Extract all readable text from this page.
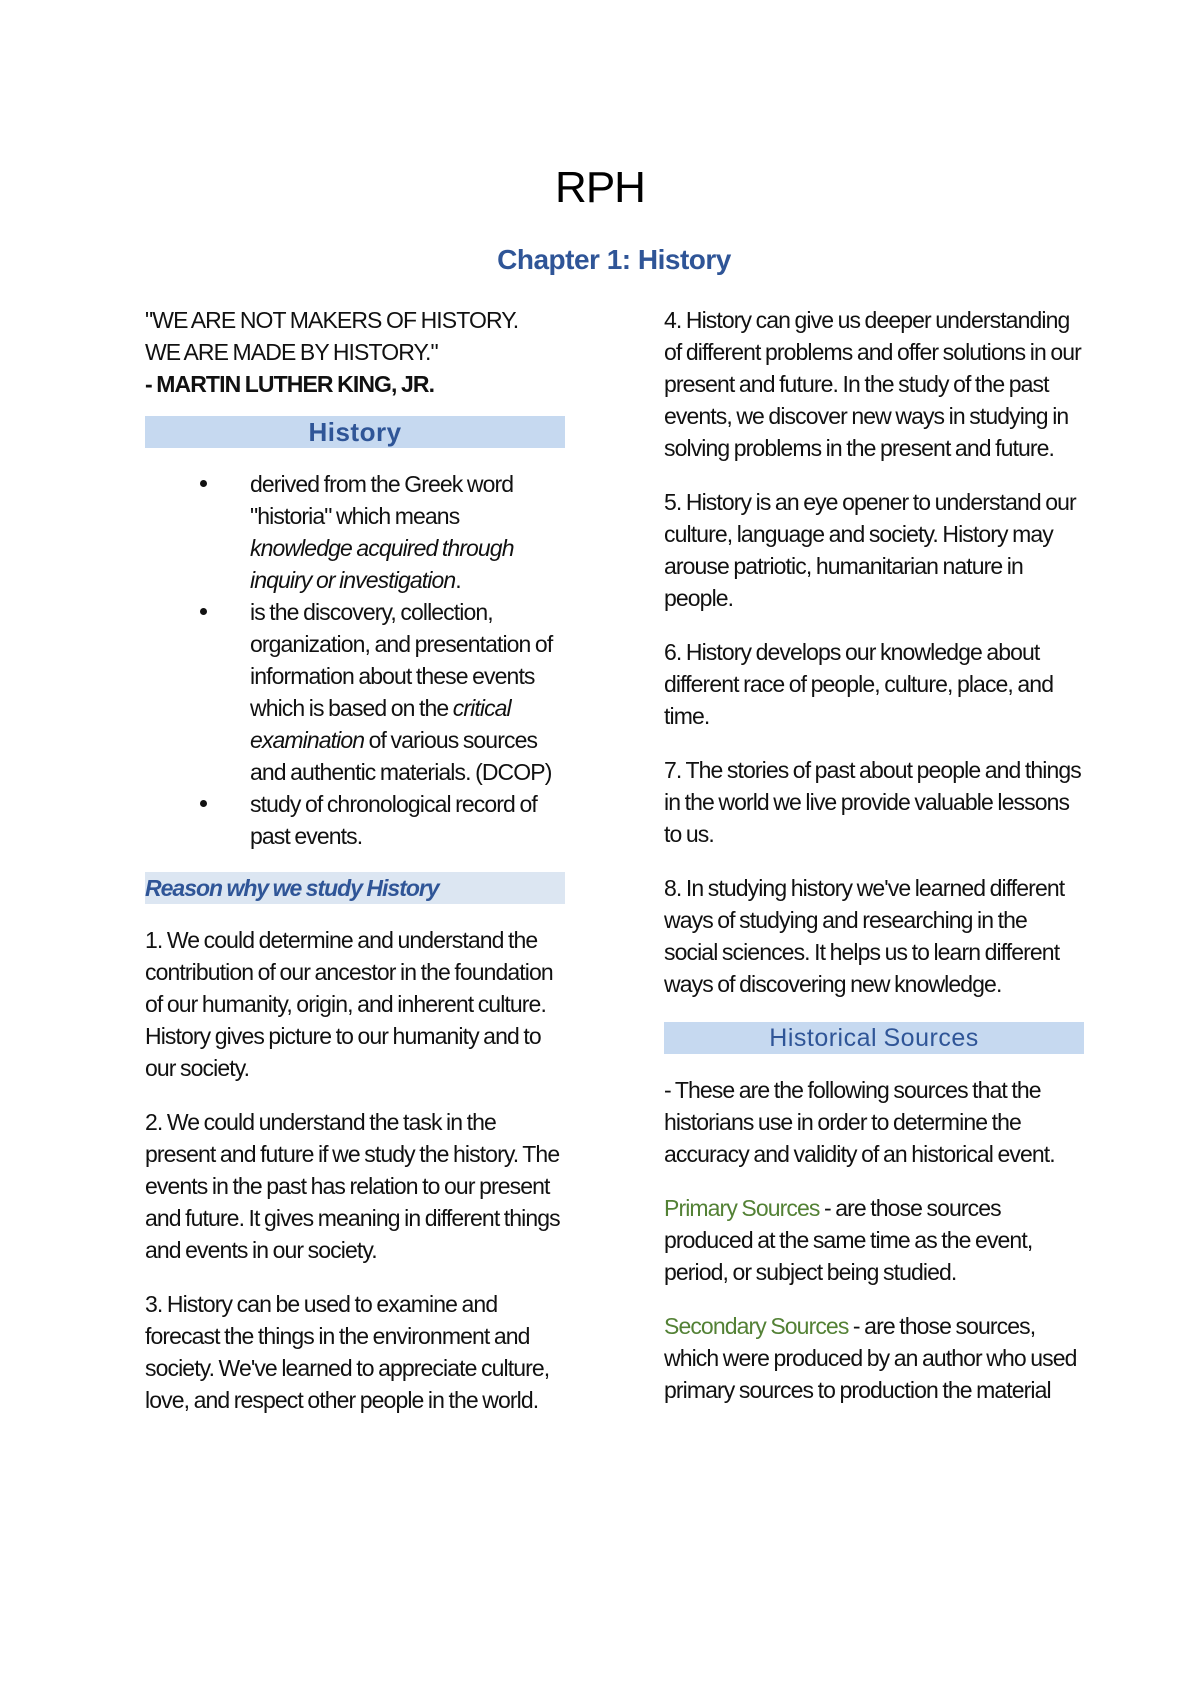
RPH
Chapter 1: History

"WE ARE NOT MAKERS OF HISTORY.

WE ARE MADE BY HISTORY."

- MARTIN LUTHER KING, JR.

History
derived from the Greek word "historia" which means knowledge acquired through inquiry or investigation.
is the discovery, collection, organization, and presentation of information about these events which is based on the critical examination of various sources and authentic materials. (DCOP)
study of chronological record of past events.
Reason why we study History

1. We could determine and understand the contribution of our ancestor in the foundation of our humanity, origin, and inherent culture. History gives picture to our humanity and to our society.

2. We could understand the task in the present and future if we study the history. The events in the past has relation to our present and future. It gives meaning in different things and events in our society.

3. History can be used to examine and forecast the things in the environment and society. We've learned to appreciate culture, love, and respect other people in the world.

4. History can give us deeper understanding of different problems and offer solutions in our present and future. In the study of the past events, we discover new ways in studying in solving problems in the present and future.

5. History is an eye opener to understand our culture, language and society. History may arouse patriotic, humanitarian nature in people.

6. History develops our knowledge about different race of people, culture, place, and time.

7. The stories of past about people and things in the world we live provide valuable lessons to us.

8. In studying history we've learned different ways of studying and researching in the social sciences. It helps us to learn different ways of discovering new knowledge.

Historical Sources

- These are the following sources that the historians use in order to determine the accuracy and validity of an historical event.

Primary Sources - are those sources produced at the same time as the event, period, or subject being studied.

Secondary Sources - are those sources, which were produced by an author who used primary sources to production the material
